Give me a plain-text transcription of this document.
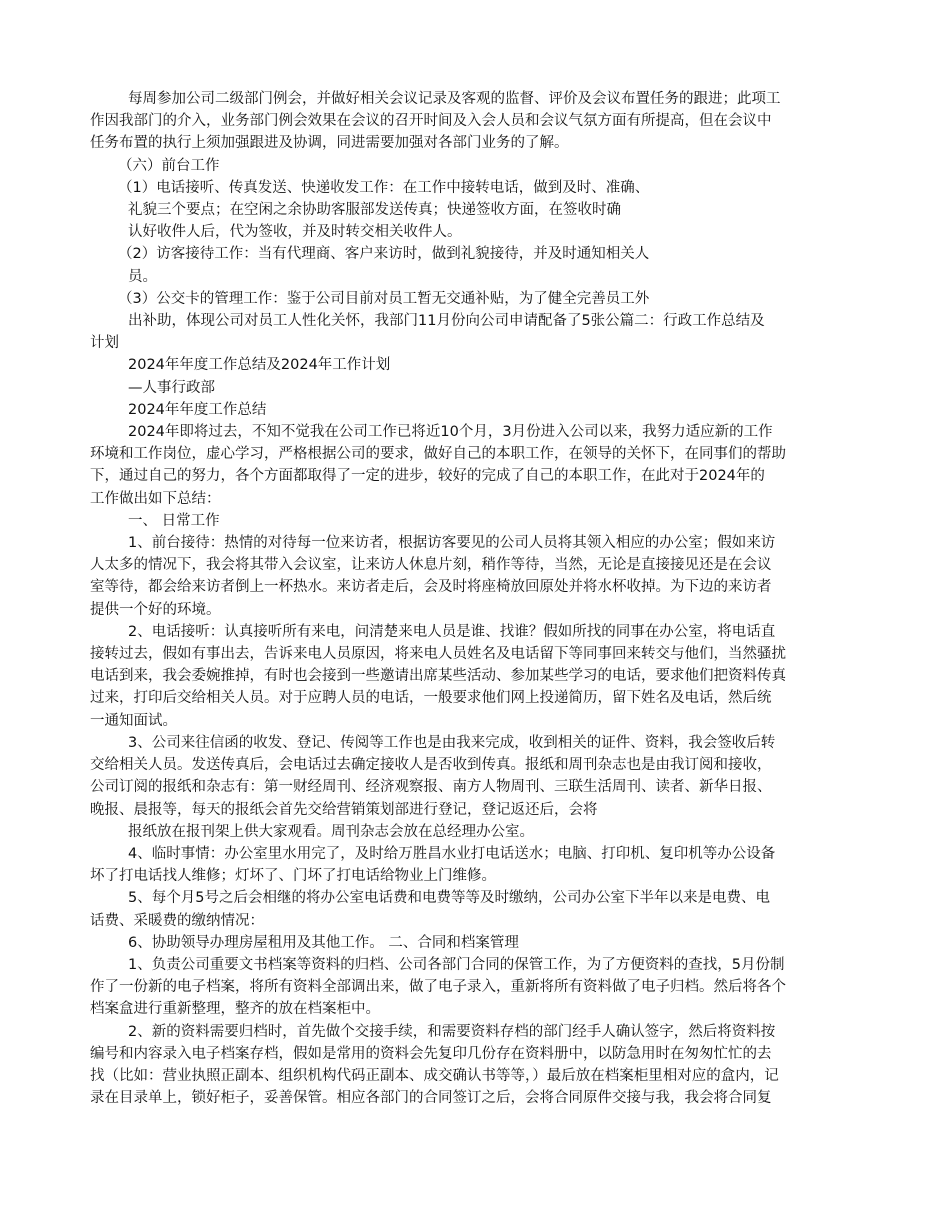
每周参加公司二级部门例会，并做好相关会议记录及客观的监督、评价及会议布置任务的跟进；此项工
作因我部门的介入，业务部门例会效果在会议的召开时间及入会人员和会议气氛方面有所提高，但在会议中
任务布置的执行上须加强跟进及协调，同进需要加强对各部门业务的了解。
（六）前台工作
（1）电话接听、传真发送、快递收发工作：在工作中接转电话，做到及时、准确、
礼貌三个要点；在空闲之余协助客服部发送传真；快递签收方面，在签收时确
认好收件人后，代为签收，并及时转交相关收件人。
（2）访客接待工作：当有代理商、客户来访时，做到礼貌接待，并及时通知相关人
员。
（3）公交卡的管理工作：鉴于公司目前对员工暂无交通补贴，为了健全完善员工外
出补助，体现公司对员工人性化关怀，我部门11月份向公司申请配备了5张公篇二：行政工作总结及
计划
2024年年度工作总结及2024年工作计划
—人事行政部
2024年年度工作总结
2024年即将过去，不知不觉我在公司工作已将近10个月，3月份进入公司以来，我努力适应新的工作
环境和工作岗位，虚心学习，严格根据公司的要求，做好自己的本职工作，在领导的关怀下，在同事们的帮助
下，通过自己的努力，各个方面都取得了一定的进步，较好的完成了自己的本职工作，在此对于2024年的
工作做出如下总结：
一、 日常工作
1、前台接待：热情的对待每一位来访者，根据访客要见的公司人员将其领入相应的办公室；假如来访
人太多的情况下，我会将其带入会议室，让来访人休息片刻，稍作等待，当然，无论是直接接见还是在会议
室等待，都会给来访者倒上一杯热水。来访者走后，会及时将座椅放回原处并将水杯收掉。为下边的来访者
提供一个好的环境。
2、电话接听：认真接听所有来电，问清楚来电人员是谁、找谁？假如所找的同事在办公室，将电话直
接转过去，假如有事出去，告诉来电人员原因，将来电人员姓名及电话留下等同事回来转交与他们，当然骚扰
电话到来，我会委婉推掉，有时也会接到一些邀请出席某些活动、参加某些学习的电话，要求他们把资料传真
过来，打印后交给相关人员。对于应聘人员的电话，一般要求他们网上投递简历，留下姓名及电话，然后统
一通知面试。
3、公司来往信函的收发、登记、传阅等工作也是由我来完成，收到相关的证件、资料，我会签收后转
交给相关人员。发送传真后，会电话过去确定接收人是否收到传真。报纸和周刊杂志也是由我订阅和接收，
公司订阅的报纸和杂志有：第一财经周刊、经济观察报、南方人物周刊、三联生活周刊、读者、新华日报、
晚报、晨报等，每天的报纸会首先交给营销策划部进行登记，登记返还后，会将
报纸放在报刊架上供大家观看。周刊杂志会放在总经理办公室。
4、临时事情：办公室里水用完了，及时给万胜昌水业打电话送水；电脑、打印机、复印机等办公设备
坏了打电话找人维修；灯坏了、门坏了打电话给物业上门维修。
5、每个月5号之后会相继的将办公室电话费和电费等等及时缴纳，公司办公室下半年以来是电费、电
话费、采暖费的缴纳情况：
6、协助领导办理房屋租用及其他工作。 二、合同和档案管理
1、负责公司重要文书档案等资料的归档、公司各部门合同的保管工作，为了方便资料的查找，5月份制
作了一份新的电子档案，将所有资料全部调出来，做了电子录入，重新将所有资料做了电子归档。然后将各个
档案盒进行重新整理，整齐的放在档案柜中。
2、新的资料需要归档时，首先做个交接手续，和需要资料存档的部门经手人确认签字，然后将资料按
编号和内容录入电子档案存档，假如是常用的资料会先复印几份存在资料册中，以防急用时在匆匆忙忙的去
找（比如：营业执照正副本、组织机构代码正副本、成交确认书等等，）最后放在档案柜里相对应的盒内，记
录在目录单上，锁好柜子，妥善保管。相应各部门的合同签订之后，会将合同原件交接与我，我会将合同复
